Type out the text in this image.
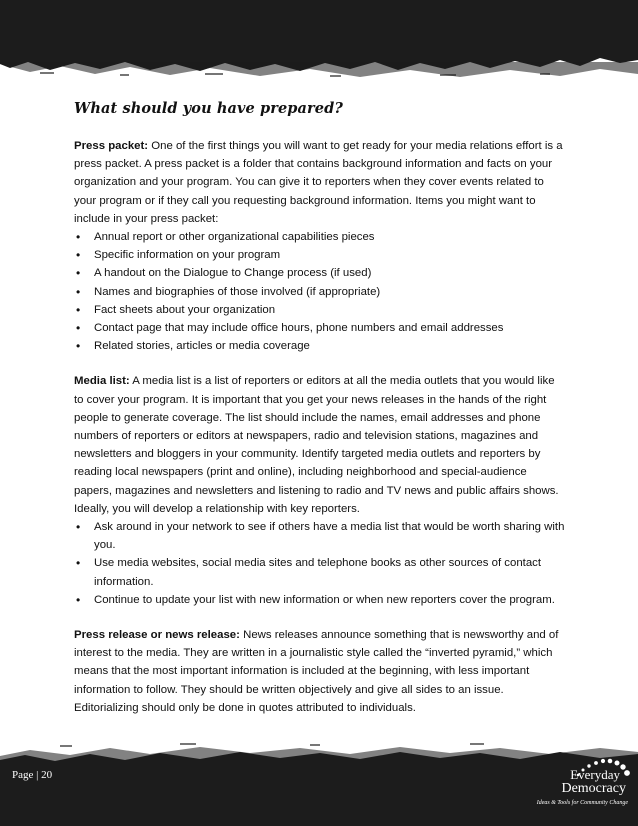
What should you have prepared?

Press packet: One of the first things you will want to get ready for your media relations effort is a press packet. A press packet is a folder that contains background information and facts on your organization and your program. You can give it to reporters when they cover events related to your program or if they call you requesting background information. Items you might want to include in your press packet:

• Annual report or other organizational capabilities pieces
• Specific information on your program
• A handout on the Dialogue to Change process (if used)
• Names and biographies of those involved (if appropriate)
• Fact sheets about your organization
• Contact page that may include office hours, phone numbers and email addresses
• Related stories, articles or media coverage

Media list: A media list is a list of reporters or editors at all the media outlets that you would like to cover your program. It is important that you get your news releases in the hands of the right people to generate coverage. The list should include the names, email addresses and phone numbers of reporters or editors at newspapers, radio and television stations, magazines and newsletters and bloggers in your community. Identify targeted media outlets and reporters by reading local newspapers (print and online), including neighborhood and special-audience papers, magazines and newsletters and listening to radio and TV news and public affairs shows. Ideally, you will develop a relationship with key reporters.

• Ask around in your network to see if others have a media list that would be worth sharing with you.
• Use media websites, social media sites and telephone books as other sources of contact information.
• Continue to update your list with new information or when new reporters cover the program.

Press release or news release: News releases announce something that is newsworthy and of interest to the media. They are written in a journalistic style called the “inverted pyramid,” which means that the most important information is included at the beginning, with less important information to follow. They should be written objectively and give all sides to an issue. Editorializing should only be done in quotes attributed to individuals.

Page | 20	Everyday
Democracy
Ideas & Tools for Community Change
